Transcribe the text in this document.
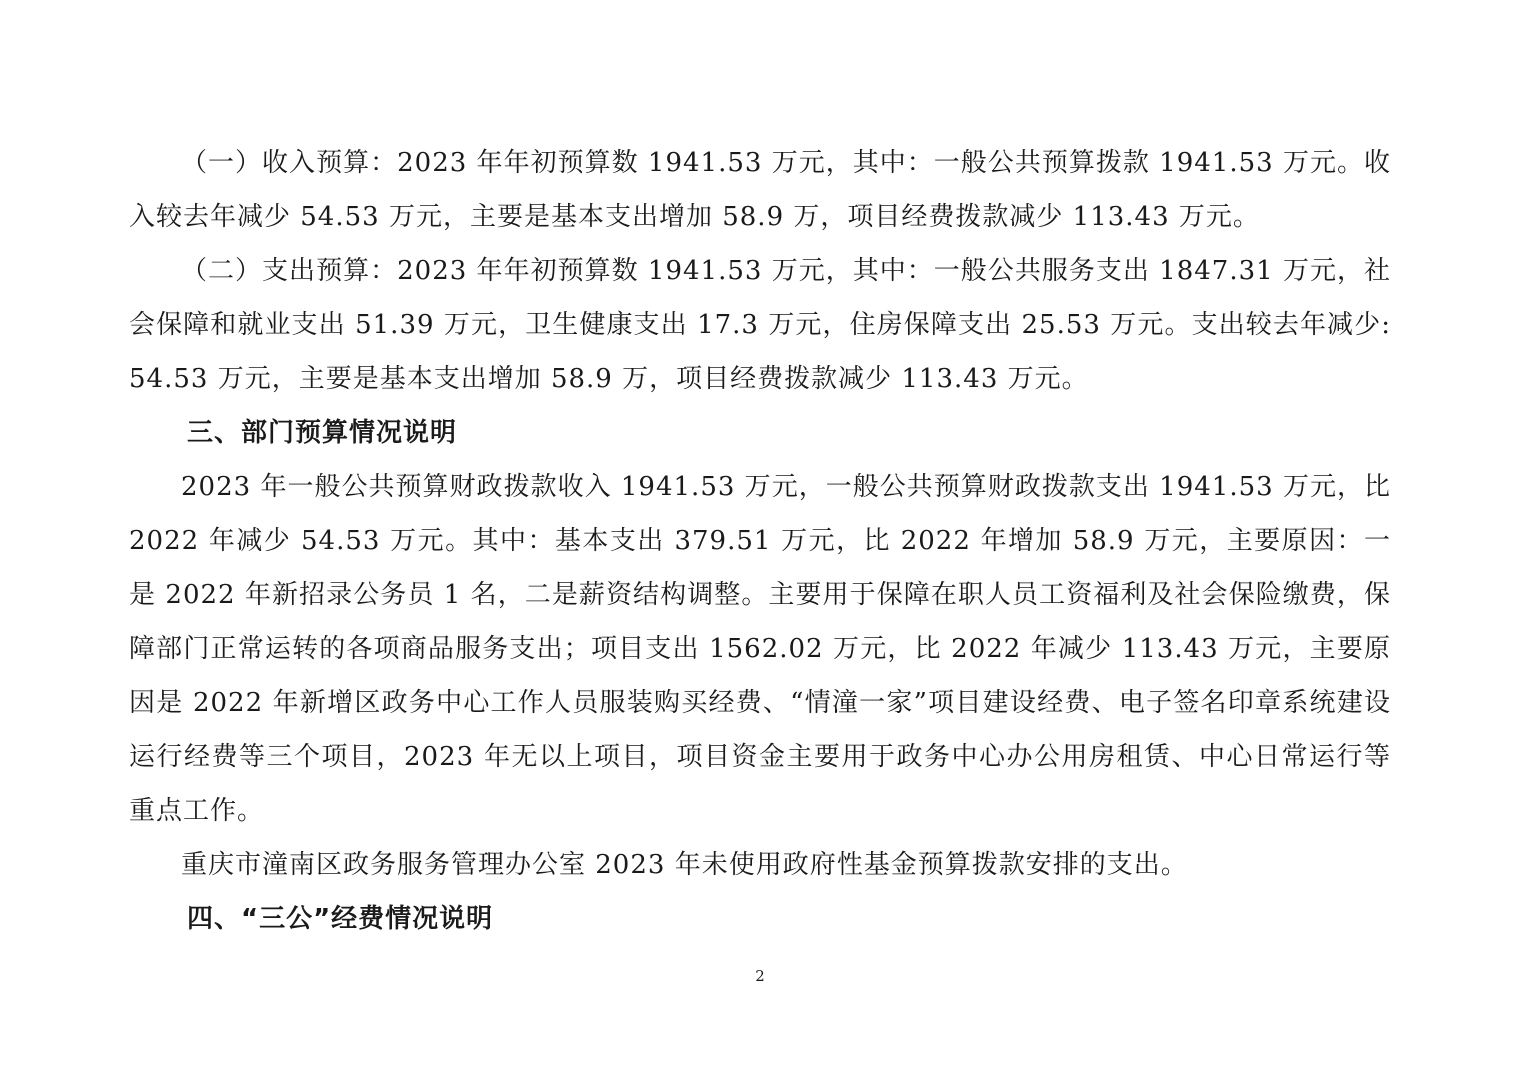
（一）收入预算：2023 年年初预算数 1941.53 万元，其中：一般公共预算拨款 1941.53 万元。收入较去年减少 54.53 万元，主要是基本支出增加 58.9 万，项目经费拨款减少 113.43 万元。

（二）支出预算：2023 年年初预算数 1941.53 万元，其中：一般公共服务支出 1847.31 万元，社会保障和就业支出 51.39 万元，卫生健康支出 17.3 万元，住房保障支出 25.53 万元。支出较去年减少:54.53 万元，主要是基本支出增加 58.9 万，项目经费拨款减少 113.43 万元。

三、部门预算情况说明

2023 年一般公共预算财政拨款收入 1941.53 万元，一般公共预算财政拨款支出 1941.53 万元，比 2022 年减少 54.53 万元。其中：基本支出 379.51 万元，比 2022 年增加 58.9 万元，主要原因：一是 2022 年新招录公务员 1 名，二是薪资结构调整。主要用于保障在职人员工资福利及社会保险缴费，保障部门正常运转的各项商品服务支出；项目支出 1562.02 万元，比 2022 年减少 113.43 万元，主要原因是 2022 年新增区政务中心工作人员服装购买经费、“情潼一家”项目建设经费、电子签名印章系统建设运行经费等三个项目，2023 年无以上项目，项目资金主要用于政务中心办公用房租赁、中心日常运行等重点工作。

重庆市潼南区政务服务管理办公室 2023 年未使用政府性基金预算拨款安排的支出。

四、“三公”经费情况说明

2
